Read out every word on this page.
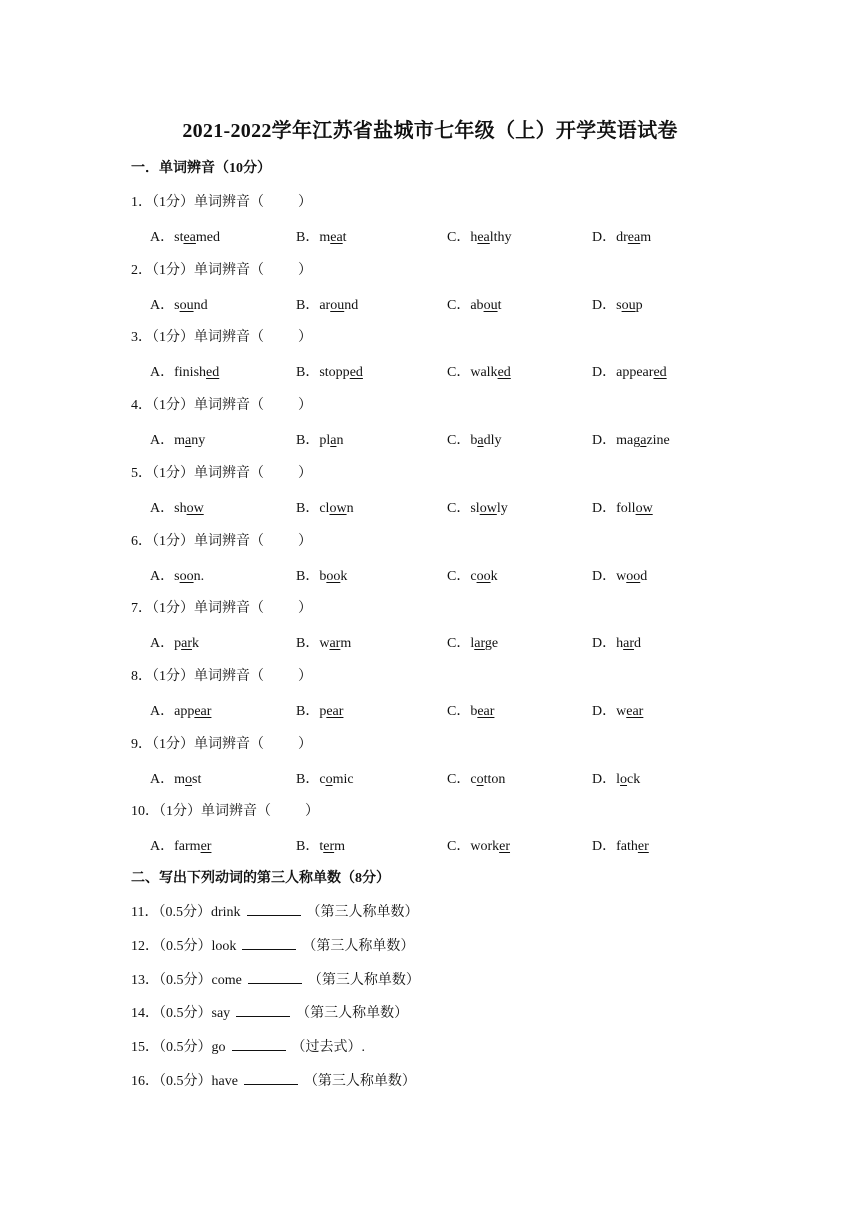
2021-2022学年江苏省盐城市七年级（上）开学英语试卷
一．单词辨音（10分）
1．（1分）单词辨音（ ）
A．steamed	B．meat	C．healthy	D．dream
2．（1分）单词辨音（ ）
A．sound	B．around	C．about	D．soup
3．（1分）单词辨音（ ）
A．finished	B．stopped	C．walked	D．appeared
4．（1分）单词辨音（ ）
A．many	B．plan	C．badly	D．magazine
5．（1分）单词辨音（ ）
A．show	B．clown	C．slowly	D．follow
6．（1分）单词辨音（ ）
A．soon.	B．book	C．cook	D．wood
7．（1分）单词辨音（ ）
A．park	B．warm	C．large	D．hard
8．（1分）单词辨音（ ）
A．appear	B．pear	C．bear	D．wear
9．（1分）单词辨音（ ）
A．most	B．comic	C．cotton	D．lock
10．（1分）单词辨音（ ）
A．farmer	B．term	C．worker	D．father
二、写出下列动词的第三人称单数（8分）
11．（0.5分）drink	（第三人称单数）
12．（0.5分）look	（第三人称单数）
13．（0.5分）come	（第三人称单数）
14．（0.5分）say	（第三人称单数）
15．（0.5分）go	（过去式）.
16．（0.5分）have	（第三人称单数）
